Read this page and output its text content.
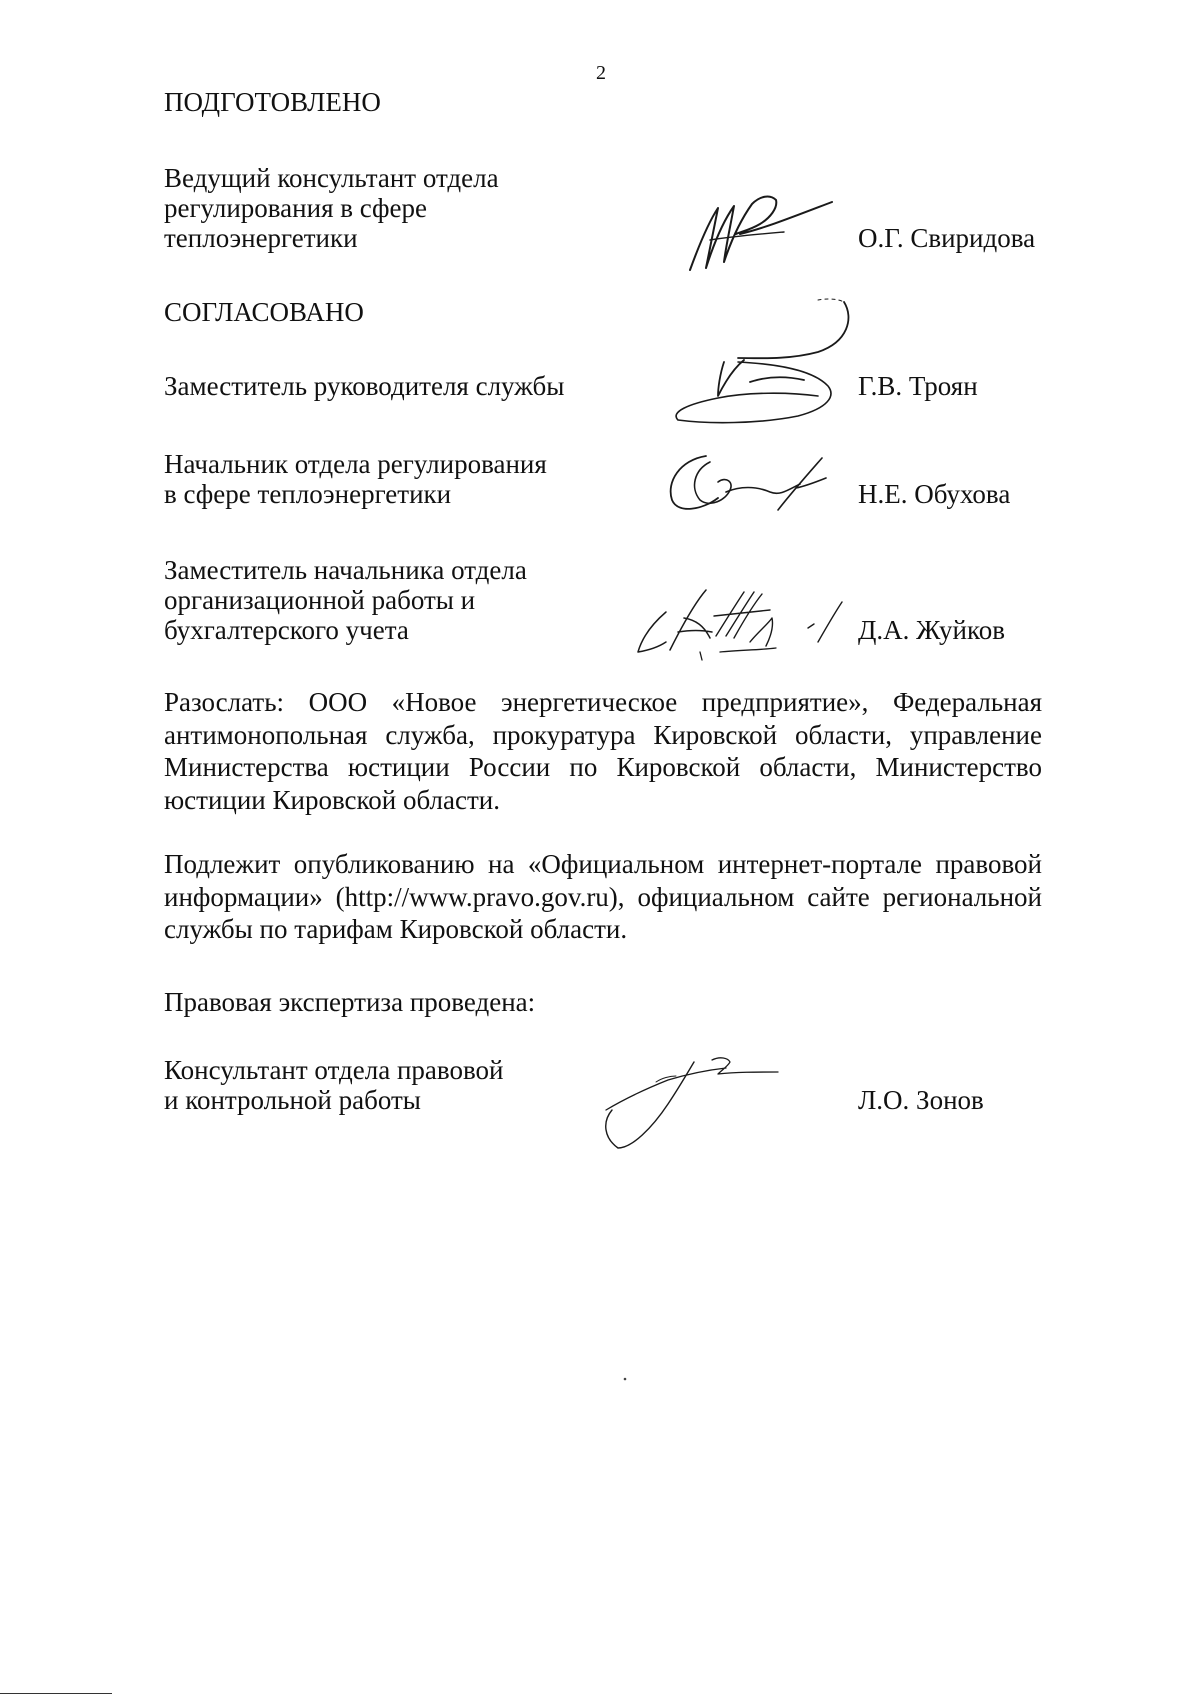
2
ПОДГОТОВЛЕНО
Ведущий консультант отдела
регулирования в сфере
теплоэнергетики	О.Г. Свиридова
СОГЛАСОВАНО
Заместитель руководителя службы	Г.В. Троян
Начальник отдела регулирования
в сфере теплоэнергетики	Н.Е. Обухова
Заместитель начальника отдела
организационной работы и
бухгалтерского учета	Д.А. Жуйков
Разослать: ООО «Новое энергетическое предприятие», Федеральная антимонопольная служба, прокуратура Кировской области, управление Министерства юстиции России по Кировской области, Министерство юстиции Кировской области.
Подлежит опубликованию на «Официальном интернет-портале правовой информации» (http://www.pravo.gov.ru), официальном сайте региональной службы по тарифам Кировской области.
Правовая экспертиза проведена:
Консультант отдела правовой
и контрольной работы	Л.О. Зонов
